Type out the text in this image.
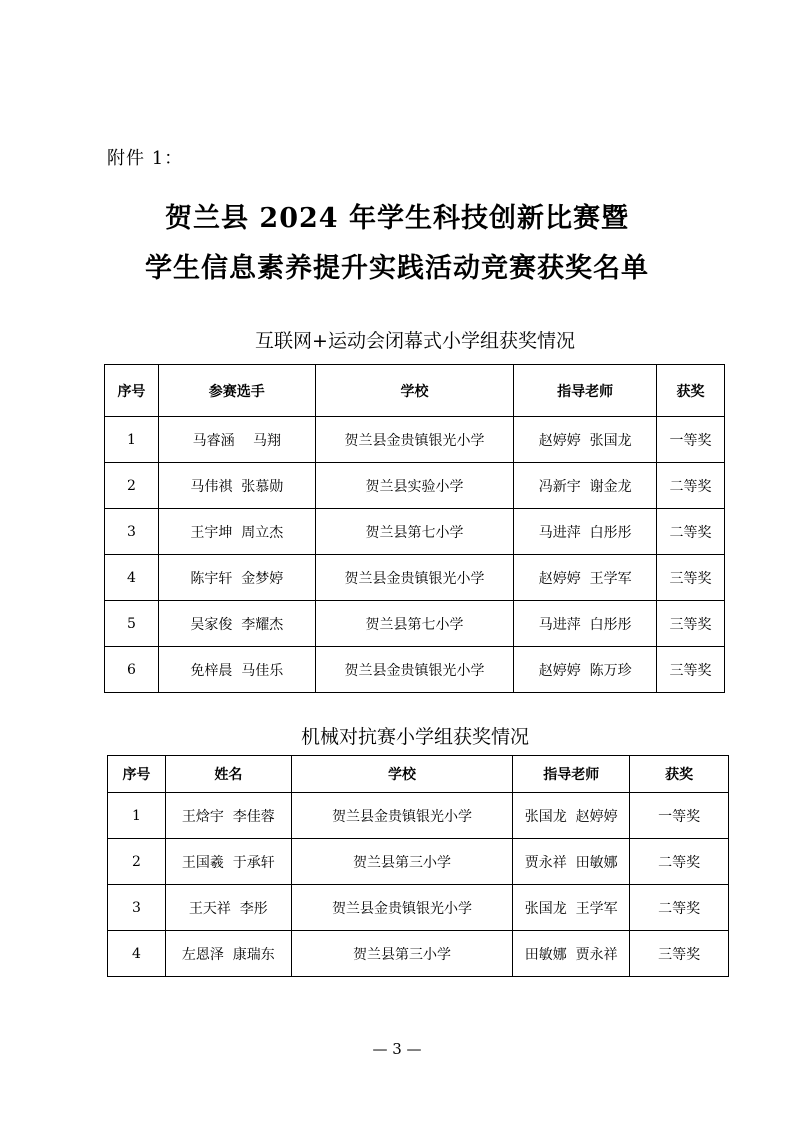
附件 1：
贺兰县 2024 年学生科技创新比赛暨
学生信息素养提升实践活动竞赛获奖名单
互联网+运动会闭幕式小学组获奖情况
序号	参赛选手	学校	指导老师	获奖
1	马睿涵　 马翔	贺兰县金贵镇银光小学	赵婷婷  张国龙	一等奖
2	马伟祺  张慕勋	贺兰县实验小学	冯新宇  谢金龙	二等奖
3	王宇坤  周立杰	贺兰县第七小学	马进萍  白彤彤	二等奖
4	陈宇轩  金梦婷	贺兰县金贵镇银光小学	赵婷婷  王学军	三等奖
5	吴家俊  李耀杰	贺兰县第七小学	马进萍  白彤彤	三等奖
6	免梓晨  马佳乐	贺兰县金贵镇银光小学	赵婷婷  陈万珍	三等奖
机械对抗赛小学组获奖情况
序号	姓名	学校	指导老师	获奖
1	王焓宇  李佳蓉	贺兰县金贵镇银光小学	张国龙  赵婷婷	一等奖
2	王国羲  于承轩	贺兰县第三小学	贾永祥  田敏娜	二等奖
3	王天祥  李彤	贺兰县金贵镇银光小学	张国龙  王学军	二等奖
4	左恩泽  康瑞东	贺兰县第三小学	田敏娜  贾永祥	三等奖
— 3 —
